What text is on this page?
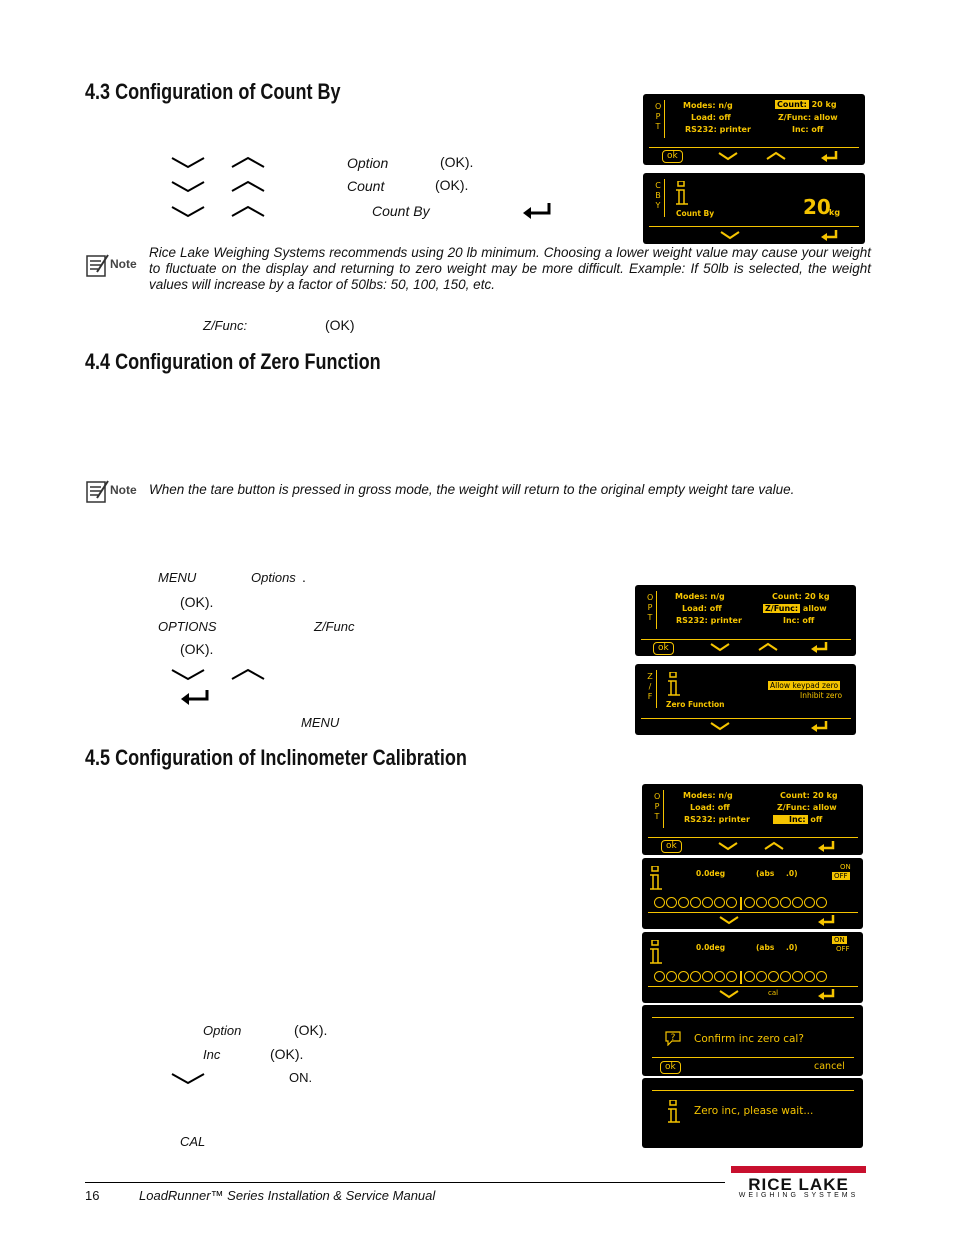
4.3 Configuration of Count By
Option	(OK).
Count	(OK).
Count By
Note
Rice Lake Weighing Systems recommends using 20 lb minimum. Choosing a lower weight value may cause your weight to fluctuate on the display and returning to zero weight may be more difficult. Example: If 50lb is selected, the weight values will increase by a factor of 50lbs: 50, 100, 150, etc.
Z/Func:	(OK)
4.4 Configuration of Zero Function
Note When the tare button is pressed in gross mode, the weight will return to the original empty weight tare value.
MENU	Options .
(OK).
OPTIONS	Z/Func
(OK).
MENU
4.5 Configuration of Inclinometer Calibration
Option	(OK).
Inc	(OK).
ON.
CAL
O
P
T
Modes: n/g
Load: off
RS232: printer
Count: 20 kg
Z/Func: allow
Inc: off
ok
C
B
Y
Count By	20
kg
O
P
T
Modes: n/g
Load: off
RS232: printer
Count: 20 kg
Z/Func: allow
Inc: off
ok
Z
/
F
Zero Function
Allow keypad zero
Inhibit zero
O
P
T
Modes: n/g
Load: off
RS232: printer
Count: 20 kg
Z/Func: allow
Inc: off
ok
0.0deg	(abs .0)
ON
OFF
0.0deg	(abs .0)
ON
OFF
cal
? Confirm inc zero cal?
ok	cancel
Zero inc, please wait...
16	LoadRunner™ Series Installation & Service Manual
RICE LAKE
WEIGHING SYSTEMS
